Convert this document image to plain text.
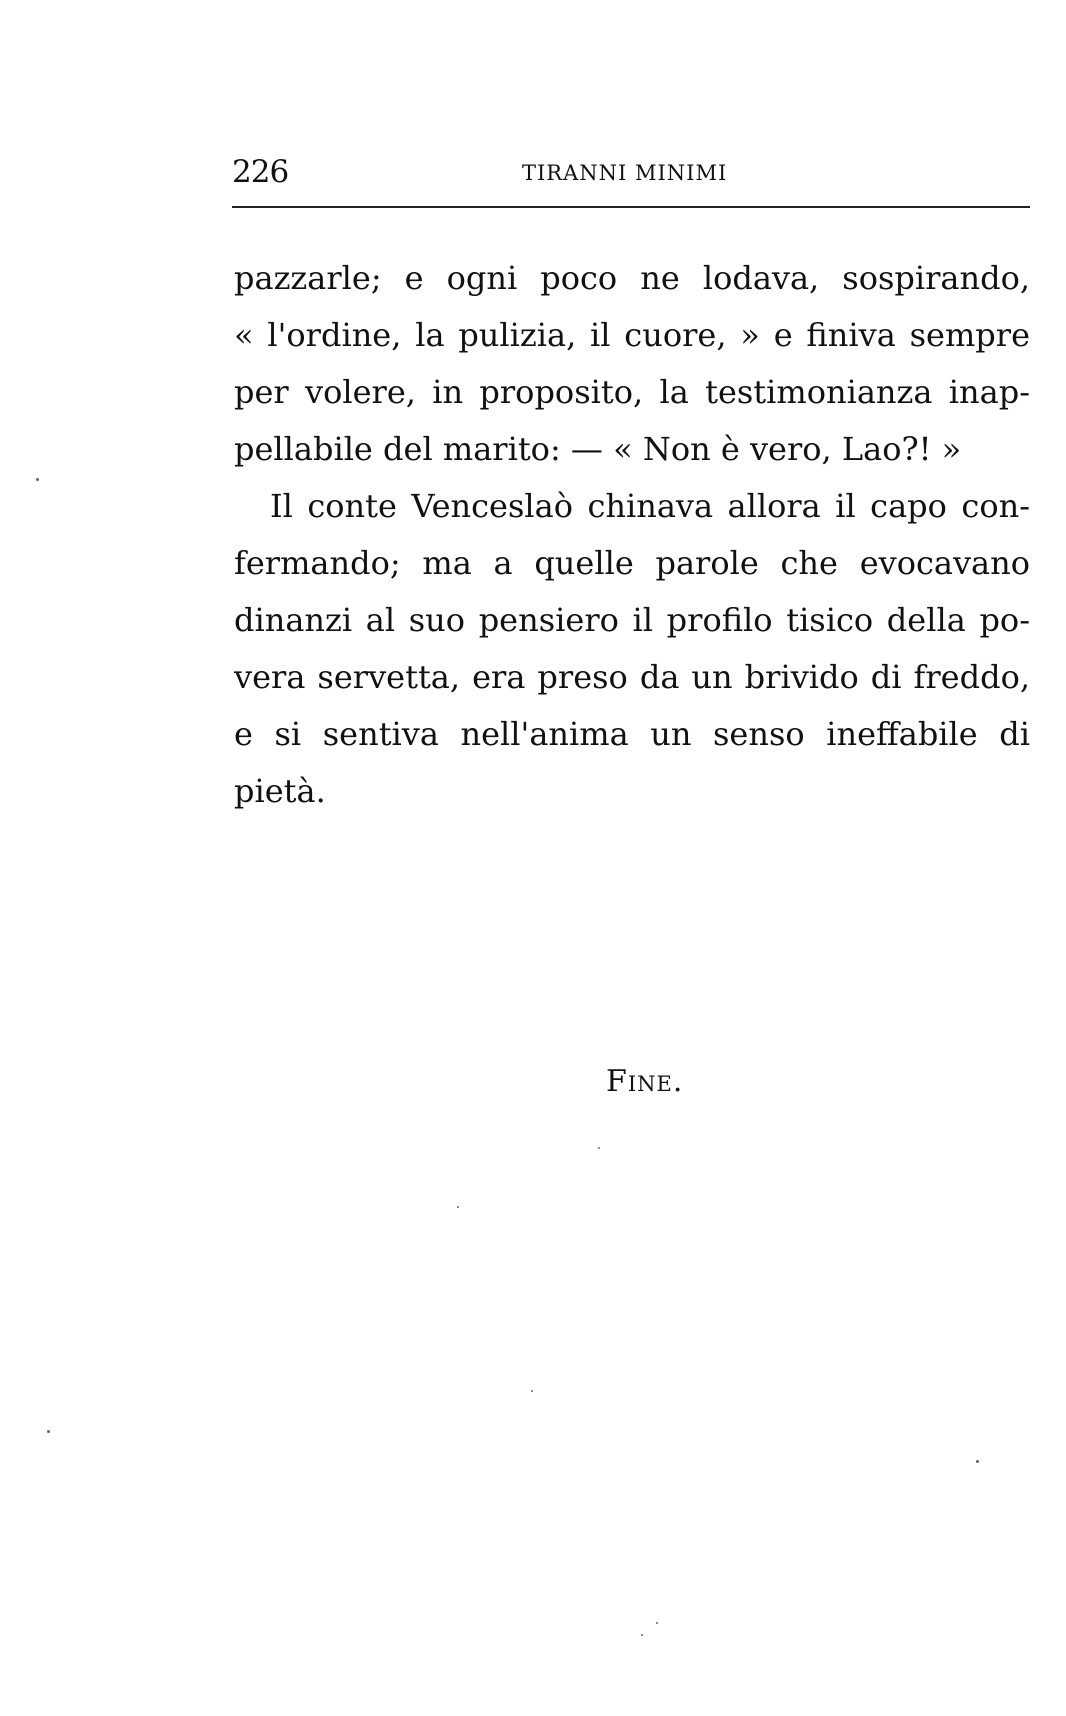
226	TIRANNI MINIMI
pazzarle; e ogni poco ne lodava, sospirando,
« l'ordine, la pulizia, il cuore, » e finiva sempre
per volere, in proposito, la testimonianza inap-
pellabile del marito: — « Non è vero, Lao?! »
Il conte Venceslaò chinava allora il capo con-
fermando; ma a quelle parole che evocavano
dinanzi al suo pensiero il profilo tisico della po-
vera servetta, era preso da un brivido di freddo,
e si sentiva nell'anima un senso ineffabile di
pietà.
Fine.
